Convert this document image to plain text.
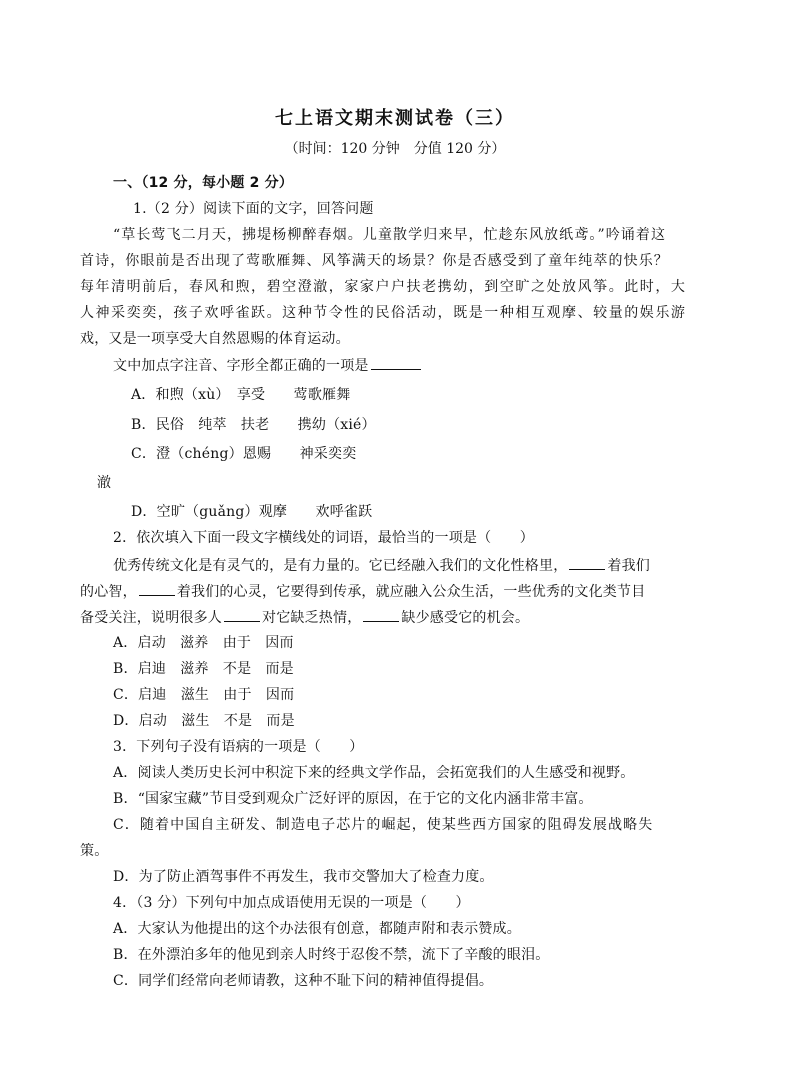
七上语文期末测试卷（三）
（时间：120 分钟　分值 120 分）
一、（12 分，每小题 2 分）
1.（2 分）阅读下面的文字，回答问题
“草长莺飞二月天，拂堤杨柳醉春烟。儿童散学归来早，忙趁东风放纸鸢。”吟诵着这
首诗，你眼前是否出现了莺歌雁舞、风筝满天的场景？你是否感受到了童年纯萃的快乐？
每年清明前后，春风和煦，碧空澄澈，家家户户扶老携幼，到空旷之处放风筝。此时，大
人神采奕奕，孩子欢呼雀跃。这种节令性的民俗活动，既是一种相互观摩、较量的娱乐游
戏，又是一项享受大自然恩赐的体育运动。
文中加点字注音、字形全都正确的一项是
A．和煦（xù）　享受　　莺歌雁舞
B．民俗　纯萃　扶老　　携幼（xié）
C．澄（chéng）恩赐　　神采奕奕
澈
D．空旷（guǎng）观摩　　欢呼雀跃
2．依次填入下面一段文字横线处的词语，最恰当的一项是（　　）
优秀传统文化是有灵气的，是有力量的。它已经融入我们的文化性格里，	着我们
的心智，	着我们的心灵，它要得到传承，就应融入公众生活，一些优秀的文化类节目
备受关注，说明很多人	对它缺乏热情，	缺少感受它的机会。
A．启动　滋养　由于　因而
B．启迪　滋养　不是　而是
C．启迪　滋生　由于　因而
D．启动　滋生　不是　而是
3．下列句子没有语病的一项是（　　）
A．阅读人类历史长河中积淀下来的经典文学作品，会拓宽我们的人生感受和视野。
B．“国家宝藏”节目受到观众广泛好评的原因，在于它的文化内涵非常丰富。
C．随着中国自主研发、制造电子芯片的崛起，使某些西方国家的阻碍发展战略失
策。
D．为了防止酒驾事件不再发生，我市交警加大了检查力度。
4．（3 分）下列句中加点成语使用无误的一项是（　　）
A．大家认为他提出的这个办法很有创意，都随声附和表示赞成。
B．在外漂泊多年的他见到亲人时终于忍俊不禁，流下了辛酸的眼泪。
C．同学们经常向老师请教，这种不耻下问的精神值得提倡。
